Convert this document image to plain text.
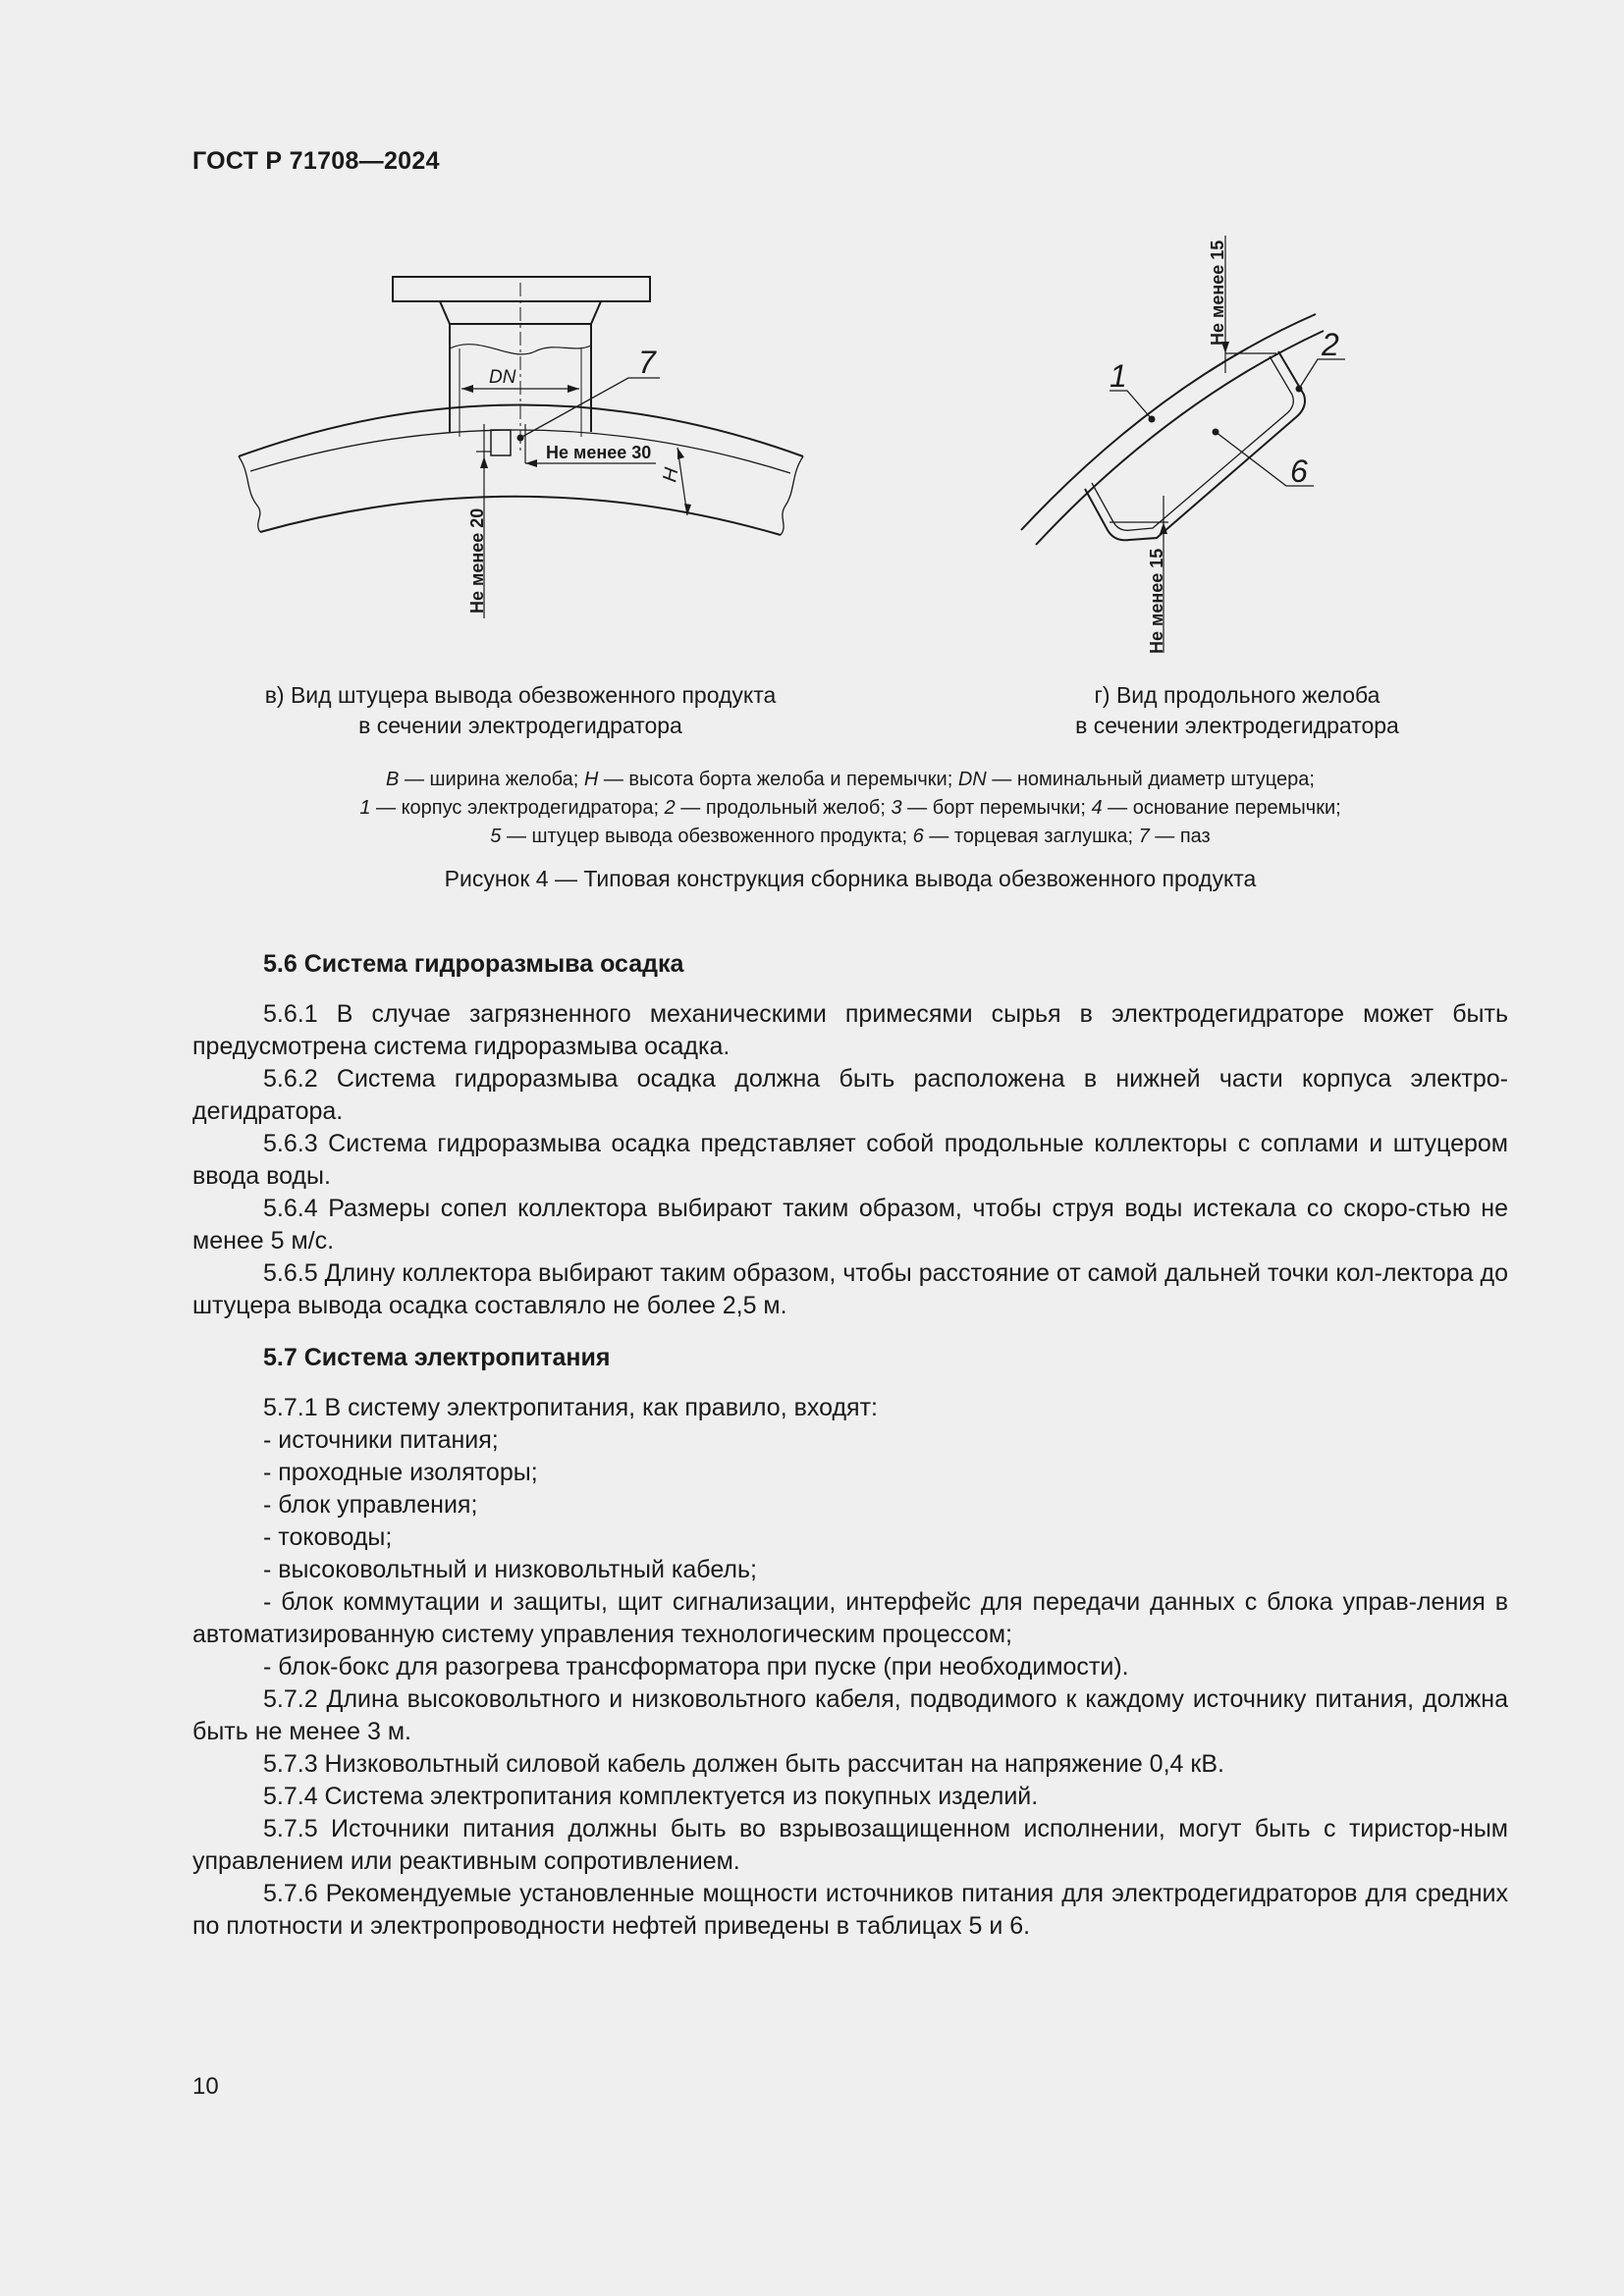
ГОСТ Р 71708—2024
DN	7
Не менее 30
Не менее 20
H
1
2
6
Не менее 15
Не менее 15
в) Вид штуцера вывода обезвоженного продукта
в сечении электродегидратора
г) Вид продольного желоба
в сечении электродегидратора
B — ширина желоба; H — высота борта желоба и перемычки; DN — номинальный диаметр штуцера;
1 — корпус электродегидратора; 2 — продольный желоб; 3 — борт перемычки; 4 — основание перемычки;
5 — штуцер вывода обезвоженного продукта; 6 — торцевая заглушка; 7 — паз
Рисунок 4 — Типовая конструкция сборника вывода обезвоженного продукта
5.6 Система гидроразмыва осадка

5.6.1 В случае загрязненного механическими примесями сырья в электродегидраторе может быть предусмотрена система гидроразмыва осадка.

5.6.2 Система гидроразмыва осадка должна быть расположена в нижней части корпуса электро-дегидратора.

5.6.3 Система гидроразмыва осадка представляет собой продольные коллекторы с соплами и штуцером ввода воды.

5.6.4 Размеры сопел коллектора выбирают таким образом, чтобы струя воды истекала со скоро-стью не менее 5 м/с.

5.6.5 Длину коллектора выбирают таким образом, чтобы расстояние от самой дальней точки кол-лектора до штуцера вывода осадка составляло не более 2,5 м.

5.7 Система электропитания

5.7.1 В систему электропитания, как правило, входят:

- источники питания;

- проходные изоляторы;

- блок управления;

- тоководы;

- высоковольтный и низковольтный кабель;

- блок коммутации и защиты, щит сигнализации, интерфейс для передачи данных с блока управ-ления в автоматизированную систему управления технологическим процессом;

- блок-бокс для разогрева трансформатора при пуске (при необходимости).

5.7.2 Длина высоковольтного и низковольтного кабеля, подводимого к каждому источнику питания, должна быть не менее 3 м.

5.7.3 Низковольтный силовой кабель должен быть рассчитан на напряжение 0,4 кВ.

5.7.4 Система электропитания комплектуется из покупных изделий.

5.7.5 Источники питания должны быть во взрывозащищенном исполнении, могут быть с тиристор-ным управлением или реактивным сопротивлением.

5.7.6 Рекомендуемые установленные мощности источников питания для электродегидраторов для средних по плотности и электропроводности нефтей приведены в таблицах 5 и 6.

10
